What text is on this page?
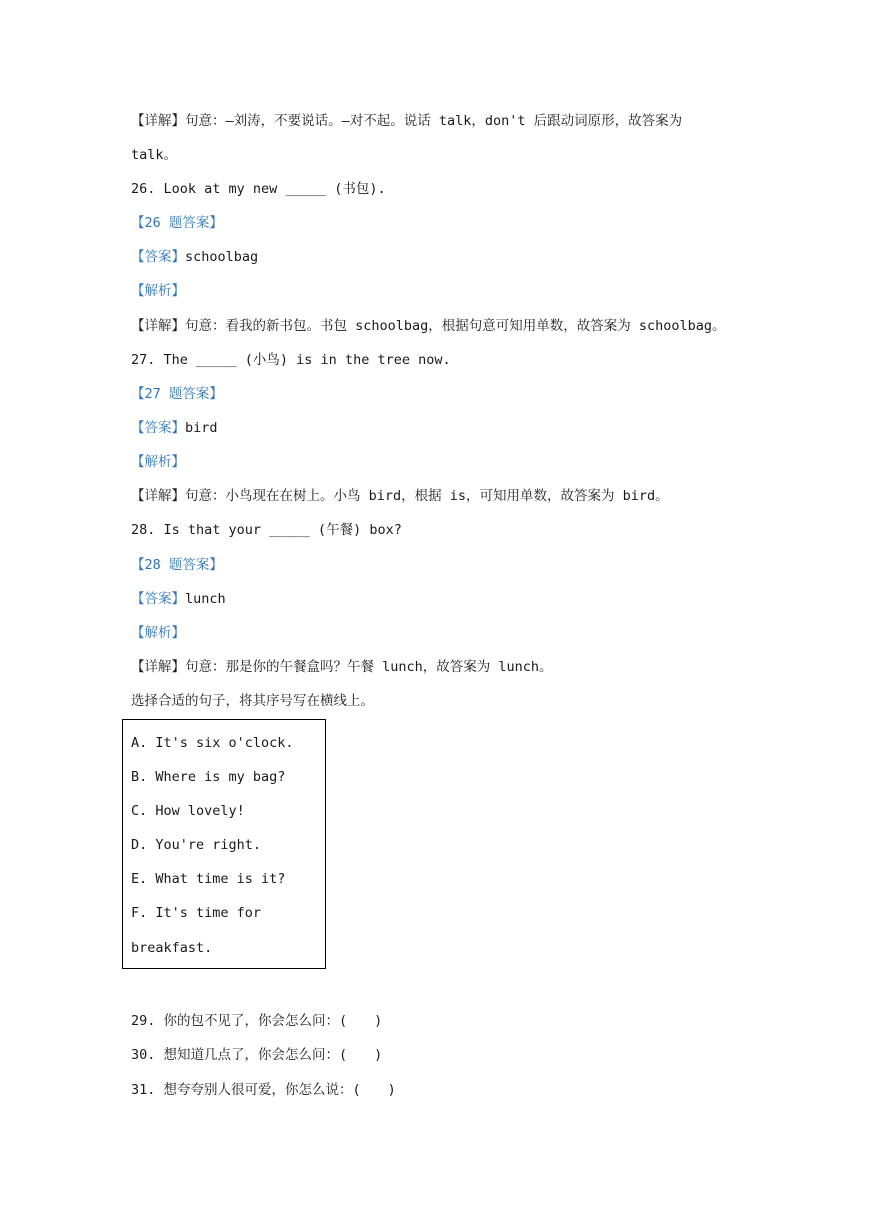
【详解】句意：—刘涛，不要说话。—对不起。说话 talk，don't 后跟动词原形，故答案为
talk。
26. Look at my new _____ (书包).
【26 题答案】
【答案】schoolbag
【解析】
【详解】句意：看我的新书包。书包 schoolbag，根据句意可知用单数，故答案为 schoolbag。
27. The _____ (小鸟) is in the tree now.
【27 题答案】
【答案】bird
【解析】
【详解】句意：小鸟现在在树上。小鸟 bird，根据 is，可知用单数，故答案为 bird。
28. Is that your _____ (午餐) box?
【28 题答案】
【答案】lunch
【解析】
【详解】句意：那是你的午餐盒吗？午餐 lunch，故答案为 lunch。
选择合适的句子，将其序号写在横线上。
A. It's six o'clock.
B. Where is my bag?
C. How lovely!
D. You're right.
E. What time is it?
F. It's time for
breakfast.
29. 你的包不见了，你会怎么问：(　　)
30. 想知道几点了，你会怎么问：(　　)
31. 想夸夸别人很可爱，你怎么说：(　　)
